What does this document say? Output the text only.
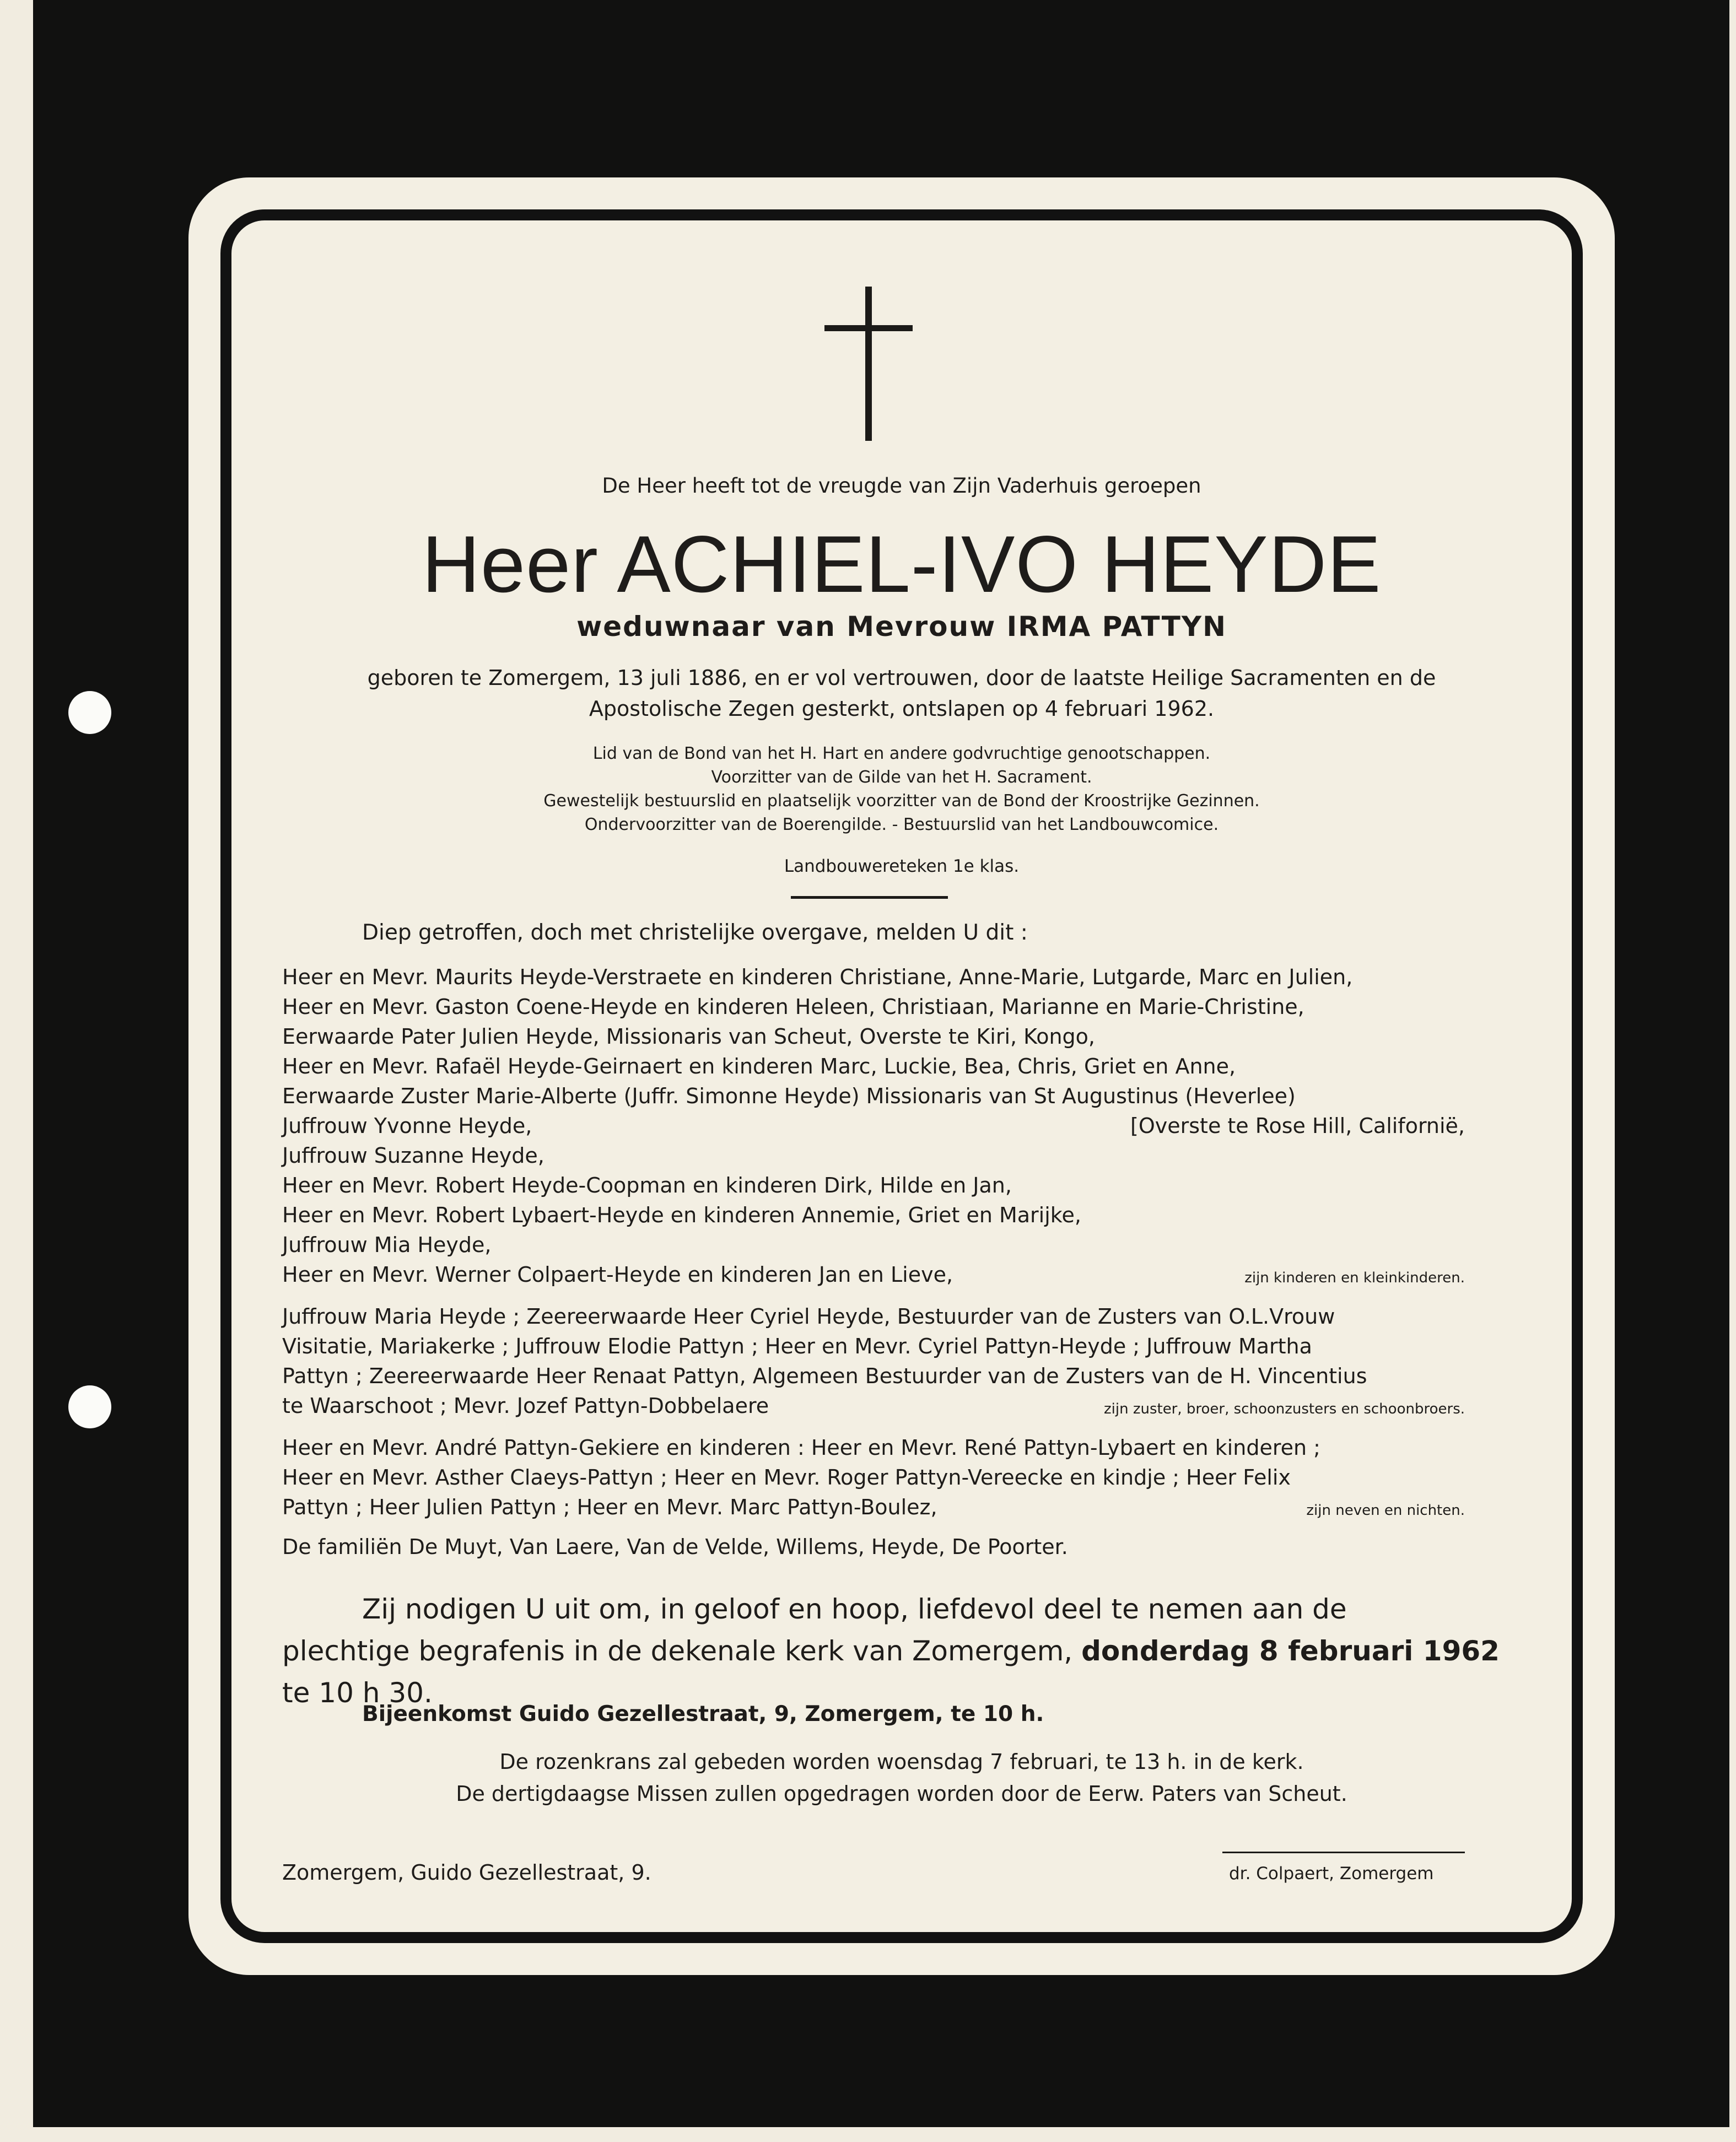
De Heer heeft tot de vreugde van Zijn Vaderhuis geroepen
Heer ACHIEL-IVO HEYDE
weduwnaar van Mevrouw IRMA PATTYN
geboren te Zomergem, 13 juli 1886, en er vol vertrouwen, door de laatste Heilige Sacramenten en de
Apostolische Zegen gesterkt, ontslapen op 4 februari 1962.
Lid van de Bond van het H. Hart en andere godvruchtige genootschappen.
Voorzitter van de Gilde van het H. Sacrament.
Gewestelijk bestuurslid en plaatselijk voorzitter van de Bond der Kroostrijke Gezinnen.
Ondervoorzitter van de Boerengilde. - Bestuurslid van het Landbouwcomice.
Landbouwereteken 1e klas.
Diep getroffen, doch met christelijke overgave, melden U dit :
Heer en Mevr. Maurits Heyde-Verstraete en kinderen Christiane, Anne-Marie, Lutgarde, Marc en Julien,
Heer en Mevr. Gaston Coene-Heyde en kinderen Heleen, Christiaan, Marianne en Marie-Christine,
Eerwaarde Pater Julien Heyde, Missionaris van Scheut, Overste te Kiri, Kongo,
Heer en Mevr. Rafaël Heyde-Geirnaert en kinderen Marc, Luckie, Bea, Chris, Griet en Anne,
Eerwaarde Zuster Marie-Alberte (Juffr. Simonne Heyde) Missionaris van St Augustinus (Heverlee)
Juffrouw Yvonne Heyde,	[Overste te Rose Hill, Californië,
Juffrouw Suzanne Heyde,
Heer en Mevr. Robert Heyde-Coopman en kinderen Dirk, Hilde en Jan,
Heer en Mevr. Robert Lybaert-Heyde en kinderen Annemie, Griet en Marijke,
Juffrouw Mia Heyde,
Heer en Mevr. Werner Colpaert-Heyde en kinderen Jan en Lieve,	zijn kinderen en kleinkinderen.
Juffrouw Maria Heyde ; Zeereerwaarde Heer Cyriel Heyde, Bestuurder van de Zusters van O.L.Vrouw
Visitatie, Mariakerke ; Juffrouw Elodie Pattyn ; Heer en Mevr. Cyriel Pattyn-Heyde ; Juffrouw Martha
Pattyn ; Zeereerwaarde Heer Renaat Pattyn, Algemeen Bestuurder van de Zusters van de H. Vincentius
te Waarschoot ; Mevr. Jozef Pattyn-Dobbelaere	zijn zuster, broer, schoonzusters en schoonbroers.
Heer en Mevr. André Pattyn-Gekiere en kinderen : Heer en Mevr. René Pattyn-Lybaert en kinderen ;
Heer en Mevr. Asther Claeys-Pattyn ; Heer en Mevr. Roger Pattyn-Vereecke en kindje ; Heer Felix
Pattyn ; Heer Julien Pattyn ; Heer en Mevr. Marc Pattyn-Boulez,	zijn neven en nichten.
De familiën De Muyt, Van Laere, Van de Velde, Willems, Heyde, De Poorter.
Zij nodigen U uit om, in geloof en hoop, liefdevol deel te nemen aan de
plechtige begrafenis in de dekenale kerk van Zomergem, donderdag 8 februari 1962
te 10 h 30.
Bijeenkomst Guido Gezellestraat, 9, Zomergem, te 10 h.
De rozenkrans zal gebeden worden woensdag 7 februari, te 13 h. in de kerk.
De dertigdaagse Missen zullen opgedragen worden door de Eerw. Paters van Scheut.
Zomergem, Guido Gezellestraat, 9.	dr. Colpaert, Zomergem
